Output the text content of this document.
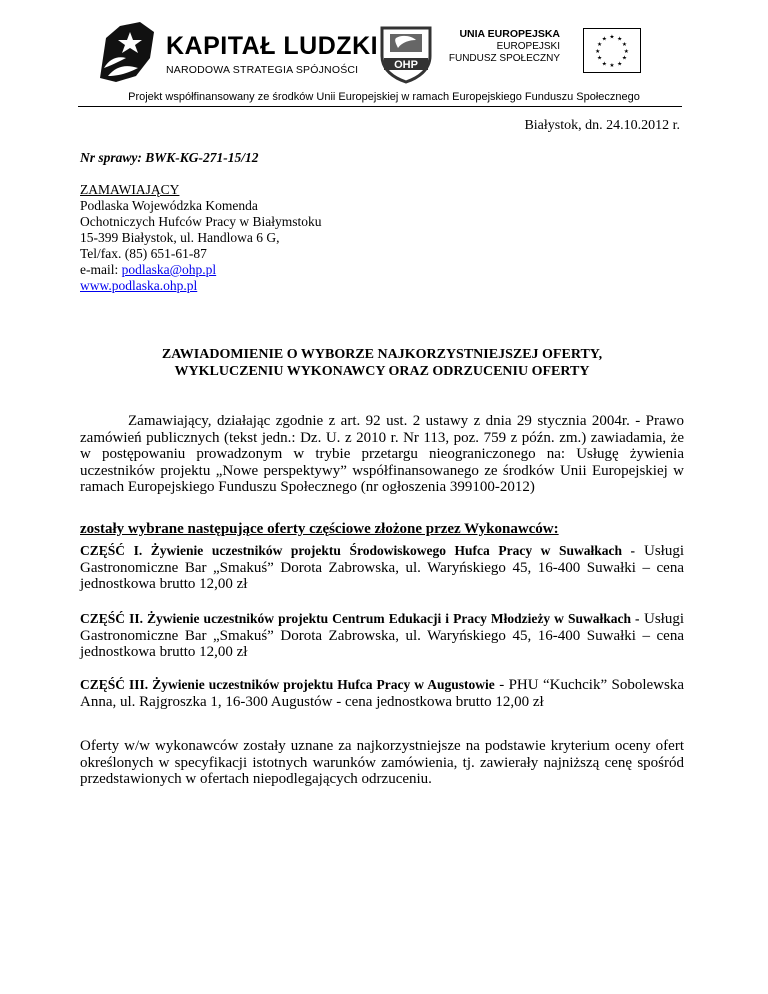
KAPITAŁ LUDZKI
NARODOWA STRATEGIA SPÓJNOŚCI	OHP
UNIA EUROPEJSKA
EUROPEJSKI
FUNDUSZ SPOŁECZNY
★ ★
★
★
★
★
★
★
★
★
★
★
Projekt współfinansowany ze środków Unii Europejskiej w ramach Europejskiego Funduszu Społecznego
Białystok, dn. 24.10.2012 r.
Nr sprawy: BWK-KG-271-15/12
ZAMAWIAJĄCY
Podlaska Wojewódzka Komenda
Ochotniczych Hufców Pracy w Białymstoku
15-399 Białystok, ul. Handlowa 6 G,
Tel/fax. (85) 651-61-87
e-mail: podlaska@ohp.pl
www.podlaska.ohp.pl
ZAWIADOMIENIE O WYBORZE NAJKORZYSTNIEJSZEJ OFERTY,
WYKLUCZENIU WYKONAWCY ORAZ ODRZUCENIU OFERTY
Zamawiający, działając zgodnie z art. 92 ust. 2 ustawy z dnia 29 stycznia 2004r. - Prawo zamówień publicznych (tekst jedn.: Dz. U. z 2010 r. Nr 113, poz. 759 z późn. zm.) zawiadamia, że w postępowaniu prowadzonym w trybie przetargu nieograniczonego na: Usługę żywienia uczestników projektu „Nowe perspektywy” współfinansowanego ze środków Unii Europejskiej w ramach Europejskiego Funduszu Społecznego (nr ogłoszenia 399100-2012)
zostały wybrane następujące oferty częściowe złożone przez Wykonawców:
CZĘŚĆ I. Żywienie uczestników projektu Środowiskowego Hufca Pracy w Suwałkach - Usługi Gastronomiczne Bar „Smakuś” Dorota Zabrowska, ul. Waryńskiego 45, 16-400 Suwałki – cena jednostkowa brutto 12,00 zł
CZĘŚĆ II. Żywienie uczestników projektu Centrum Edukacji i Pracy Młodzieży w Suwałkach - Usługi Gastronomiczne Bar „Smakuś” Dorota Zabrowska, ul. Waryńskiego 45, 16-400 Suwałki – cena jednostkowa brutto 12,00 zł
CZĘŚĆ III. Żywienie uczestników projektu Hufca Pracy w Augustowie - PHU “Kuchcik” Sobolewska Anna, ul. Rajgroszka 1, 16-300 Augustów - cena jednostkowa brutto 12,00 zł
Oferty w/w wykonawców zostały uznane za najkorzystniejsze na podstawie kryterium oceny ofert określonych w specyfikacji istotnych warunków zamówienia, tj. zawierały najniższą cenę spośród przedstawionych w ofertach niepodlegających odrzuceniu.
